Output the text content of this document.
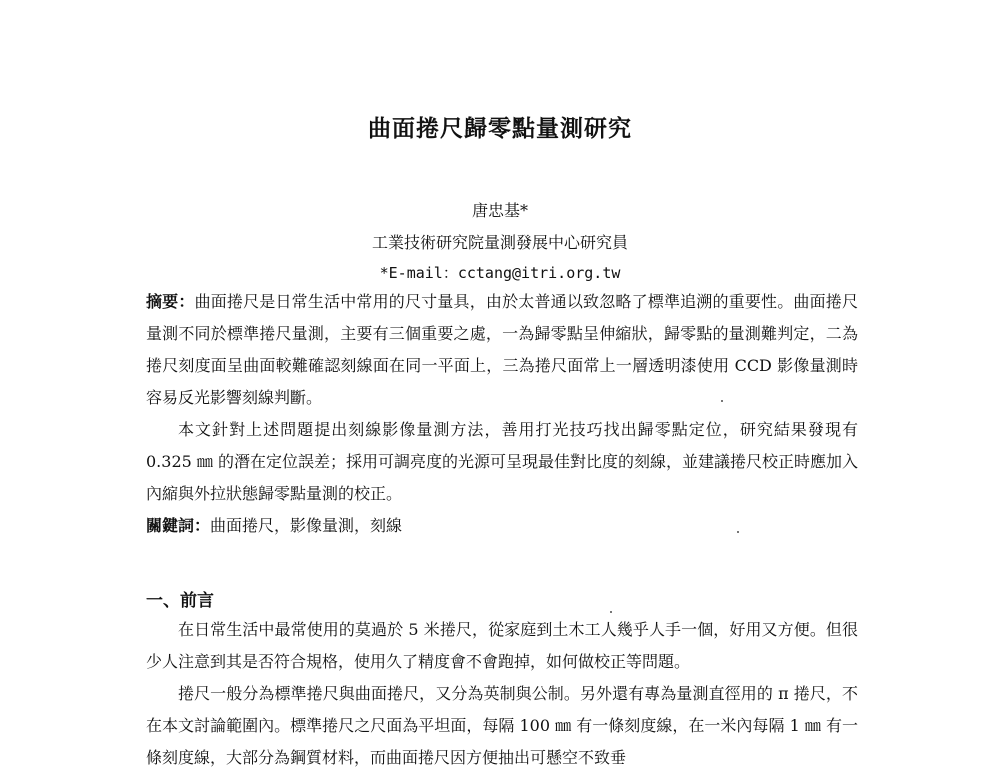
曲面捲尺歸零點量測研究
唐忠基*
工業技術研究院量測發展中心研究員
*E-mail：cctang@itri.org.tw
摘要：曲面捲尺是日常生活中常用的尺寸量具，由於太普通以致忽略了標準追溯的重要性。曲面捲尺量測不同於標準捲尺量測，主要有三個重要之處，一為歸零點呈伸縮狀，歸零點的量測難判定，二為捲尺刻度面呈曲面較難確認刻線面在同一平面上，三為捲尺面常上一層透明漆使用 CCD 影像量測時容易反光影響刻線判斷。
本文針對上述問題提出刻線影像量測方法，善用打光技巧找出歸零點定位，研究結果發現有 0.325 ㎜ 的潛在定位誤差；採用可調亮度的光源可呈現最佳對比度的刻線，並建議捲尺校正時應加入內縮與外拉狀態歸零點量測的校正。
關鍵詞：曲面捲尺，影像量測，刻線
一、前言
在日常生活中最常使用的莫過於 5 米捲尺，從家庭到土木工人幾乎人手一個，好用又方便。但很少人注意到其是否符合規格，使用久了精度會不會跑掉，如何做校正等問題。
捲尺一般分為標準捲尺與曲面捲尺，又分為英制與公制。另外還有專為量測直徑用的 π 捲尺，不在本文討論範圍內。標準捲尺之尺面為平坦面，每隔 100 ㎜ 有一條刻度線，在一米內每隔 1 ㎜ 有一條刻度線，大部分為鋼質材料，而曲面捲尺因方便抽出可懸空不致垂
